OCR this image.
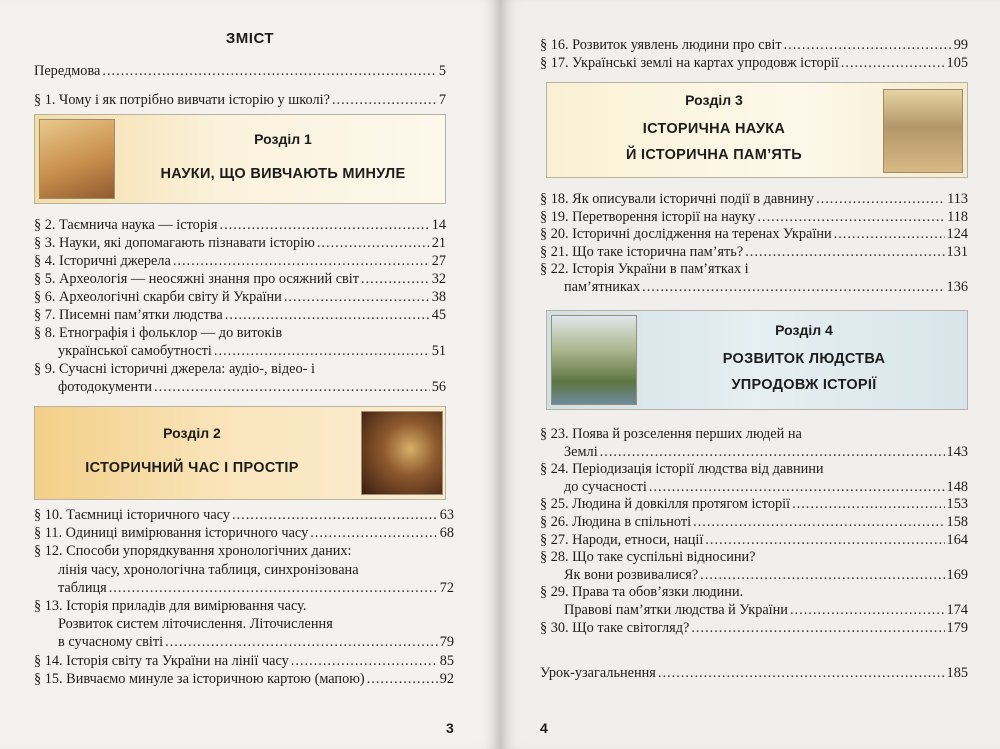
ЗМІСТ
Передмова .....	5
§ 1. Чому і як потрібно вивчати історію у школі? .....	7
Розділ 1
НАУКИ, ЩО ВИВЧАЮТЬ МИНУЛЕ
§ 2. Таємнича наука — історія .....	14
§ 3. Науки, які допомагають пізнавати історію .....	21
§ 4. Історичні джерела .....	27
§ 5. Археологія — неосяжні знання про осяжний світ .....	32
§ 6. Археологічні скарби світу й України .....	38
§ 7. Писемні пам’ятки людства .....	45
§ 8. Етнографія і фольклор — до витоків
української самобутності .....	51
§ 9. Сучасні історичні джерела: аудіо-, відео- і
фотодокументи .....	56
Розділ 2
ІСТОРИЧНИЙ ЧАС І ПРОСТІР
§ 10. Таємниці історичного часу .....	63
§ 11. Одиниці вимірювання історичного часу .....	68
§ 12. Способи упорядкування хронологічних даних:
лінія часу, хронологічна таблиця, синхронізована
таблиця .....	72
§ 13. Історія приладів для вимірювання часу.
Розвиток систем літочислення. Літочислення
в сучасному світі .....	79
§ 14. Історія світу та України на лінії часу .....	85
§ 15. Вивчаємо минуле за історичною картою (мапою) .....	92
3
§ 16. Розвиток уявлень людини про світ .....	99
§ 17. Українські землі на картах упродовж історії .....	105
Розділ 3
ІСТОРИЧНА НАУКА
Й ІСТОРИЧНА ПАМ’ЯТЬ
§ 18. Як описували історичні події в давнину .....	113
§ 19. Перетворення історії на науку .....	118
§ 20. Історичні дослідження на теренах України .....	124
§ 21. Що таке історична пам’ять? .....	131
§ 22. Історія України в пам’ятках і
пам’ятниках .....	136
Розділ 4
РОЗВИТОК ЛЮДСТВА
УПРОДОВЖ ІСТОРІЇ
§ 23. Поява й розселення перших людей на
Землі .....	143
§ 24. Періодизація історії людства від давнини
до сучасності .....	148
§ 25. Людина й довкілля протягом історії .....	153
§ 26. Людина в спільноті .....	158
§ 27. Народи, етноси, нації .....	164
§ 28. Що таке суспільні відносини?
Як вони розвивалися? .....	169
§ 29. Права та обов’язки людини.
Правові пам’ятки людства й України .....	174
§ 30. Що таке світогляд? .....	179
Урок-узагальнення .....	185
4
